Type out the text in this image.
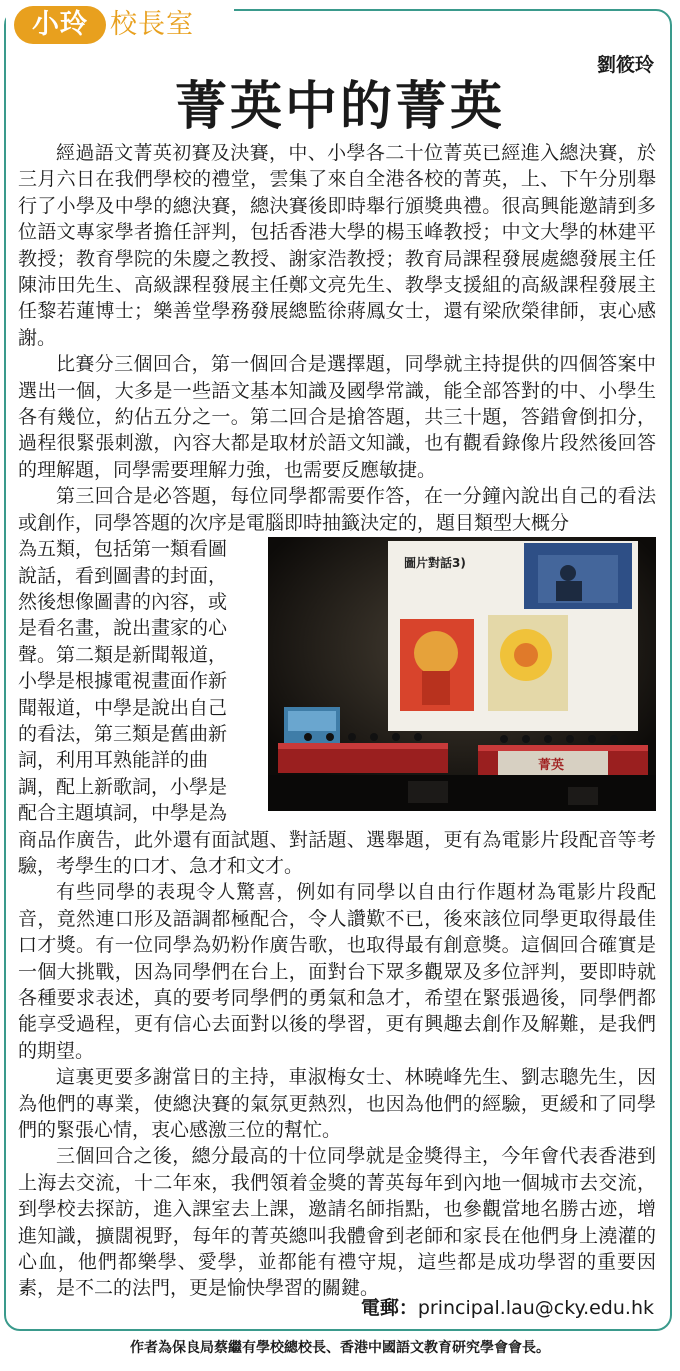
小玲 校長室
劉筱玲
菁英中的菁英

經過語文菁英初賽及決賽，中、小學各二十位菁英已經進入總決賽，於三月六日在我們學校的禮堂，雲集了來自全港各校的菁英，上、下午分別舉行了小學及中學的總決賽，總決賽後即時舉行頒獎典禮。很高興能邀請到多位語文專家學者擔任評判，包括香港大學的楊玉峰教授；中文大學的林建平教授；教育學院的朱慶之教授、謝家浩教授；教育局課程發展處總發展主任陳沛田先生、高級課程發展主任鄭文亮先生、教學支援組的高級課程發展主任黎若蓮博士；樂善堂學務發展總監徐蔣鳳女士，還有梁欣榮律師，衷心感謝。

比賽分三個回合，第一個回合是選擇題，同學就主持提供的四個答案中選出一個，大多是一些語文基本知識及國學常識，能全部答對的中、小學生各有幾位，約佔五分之一。第二回合是搶答題，共三十題，答錯會倒扣分，過程很緊張刺激，內容大都是取材於語文知識，也有觀看錄像片段然後回答的理解題，同學需要理解力強，也需要反應敏捷。

第三回合是必答題，每位同學都需要作答，在一分鐘內說出自己的看法或創作，同學答題的次序是電腦即時抽籤決定的，題目類型大概分

為五類，包括第一類看圖

說話，看到圖書的封面，

然後想像圖書的內容，或

是看名畫，說出畫家的心

聲。第二類是新聞報道，

小學是根據電視畫面作新

聞報道，中學是說出自己

的看法，第三類是舊曲新

詞，利用耳熟能詳的曲

調，配上新歌詞，小學是

配合主題填詞，中學是為

圖片對話3)
菁英

商品作廣告，此外還有面試題、對話題、選舉題，更有為電影片段配音等考驗，考學生的口才、急才和文才。

有些同學的表現令人驚喜，例如有同學以自由行作題材為電影片段配音，竟然連口形及語調都極配合，令人讚歎不已，後來該位同學更取得最佳口才獎。有一位同學為奶粉作廣告歌，也取得最有創意獎。這個回合確實是一個大挑戰，因為同學們在台上，面對台下眾多觀眾及多位評判，要即時就各種要求表述，真的要考同學們的勇氣和急才，希望在緊張過後，同學們都能享受過程，更有信心去面對以後的學習，更有興趣去創作及解難，是我們的期望。

這裏更要多謝當日的主持，車淑梅女士、林曉峰先生、劉志聰先生，因為他們的專業，使總決賽的氣氛更熱烈，也因為他們的經驗，更緩和了同學們的緊張心情，衷心感激三位的幫忙。

三個回合之後，總分最高的十位同學就是金獎得主，今年會代表香港到上海去交流，十二年來，我們領着金獎的菁英每年到內地一個城市去交流，到學校去探訪，進入課室去上課，邀請名師指點，也參觀當地名勝古迹，增進知識，擴闊視野，每年的菁英總叫我體會到老師和家長在他們身上澆灌的心血，他們都樂學、愛學，並都能有禮守規，這些都是成功學習的重要因素，是不二的法門，更是愉快學習的關鍵。

電郵：principal.lau@cky.edu.hk
作者為保良局蔡繼有學校總校長、香港中國語文教育研究學會會長。
